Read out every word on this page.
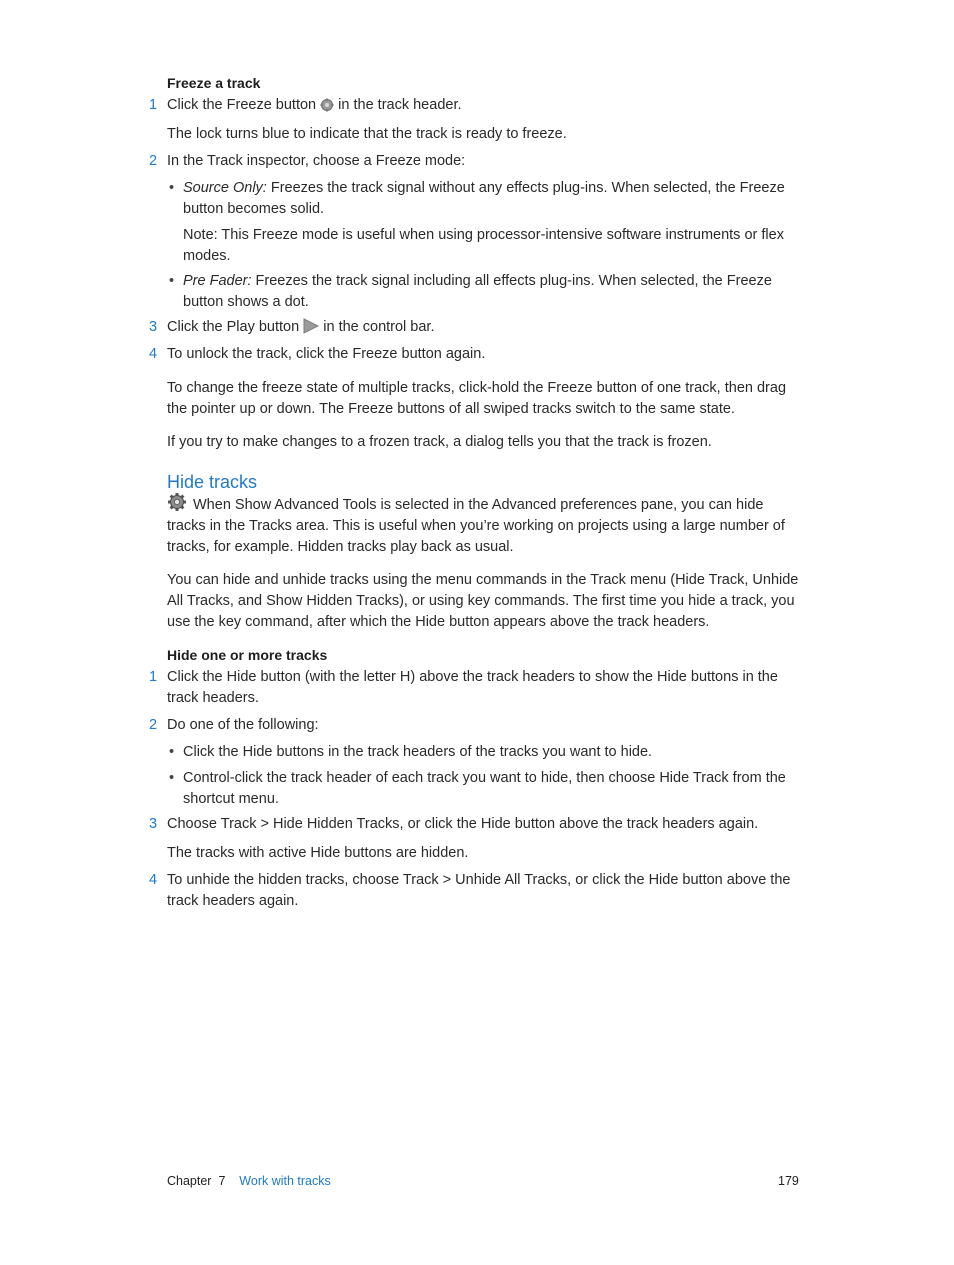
Freeze a track

1 Click the Freeze button in the track header.

The lock turns blue to indicate that the track is ready to freeze.

2 In the Track inspector, choose a Freeze mode:

• Source Only: Freezes the track signal without any effects plug-ins. When selected, the Freeze button becomes solid.

Note: This Freeze mode is useful when using processor-intensive software instruments or flex modes.

• Pre Fader: Freezes the track signal including all effects plug-ins. When selected, the Freeze button shows a dot.

3 Click the Play button in the control bar.

4 To unlock the track, click the Freeze button again.

To change the freeze state of multiple tracks, click-hold the Freeze button of one track, then drag the pointer up or down. The Freeze buttons of all swiped tracks switch to the same state.

If you try to make changes to a frozen track, a dialog tells you that the track is frozen.

Hide tracks

When Show Advanced Tools is selected in the Advanced preferences pane, you can hide tracks in the Tracks area. This is useful when you’re working on projects using a large number of tracks, for example. Hidden tracks play back as usual.

You can hide and unhide tracks using the menu commands in the Track menu (Hide Track, Unhide All Tracks, and Show Hidden Tracks), or using key commands. The first time you hide a track, you use the key command, after which the Hide button appears above the track headers.

Hide one or more tracks

1 Click the Hide button (with the letter H) above the track headers to show the Hide buttons in the track headers.

2 Do one of the following:

• Click the Hide buttons in the track headers of the tracks you want to hide.

• Control-click the track header of each track you want to hide, then choose Hide Track from the shortcut menu.

3 Choose Track > Hide Hidden Tracks, or click the Hide button above the track headers again.

The tracks with active Hide buttons are hidden.

4 To unhide the hidden tracks, choose Track > Unhide All Tracks, or click the Hide button above the track headers again.

Chapter 7 Work with tracks	179
